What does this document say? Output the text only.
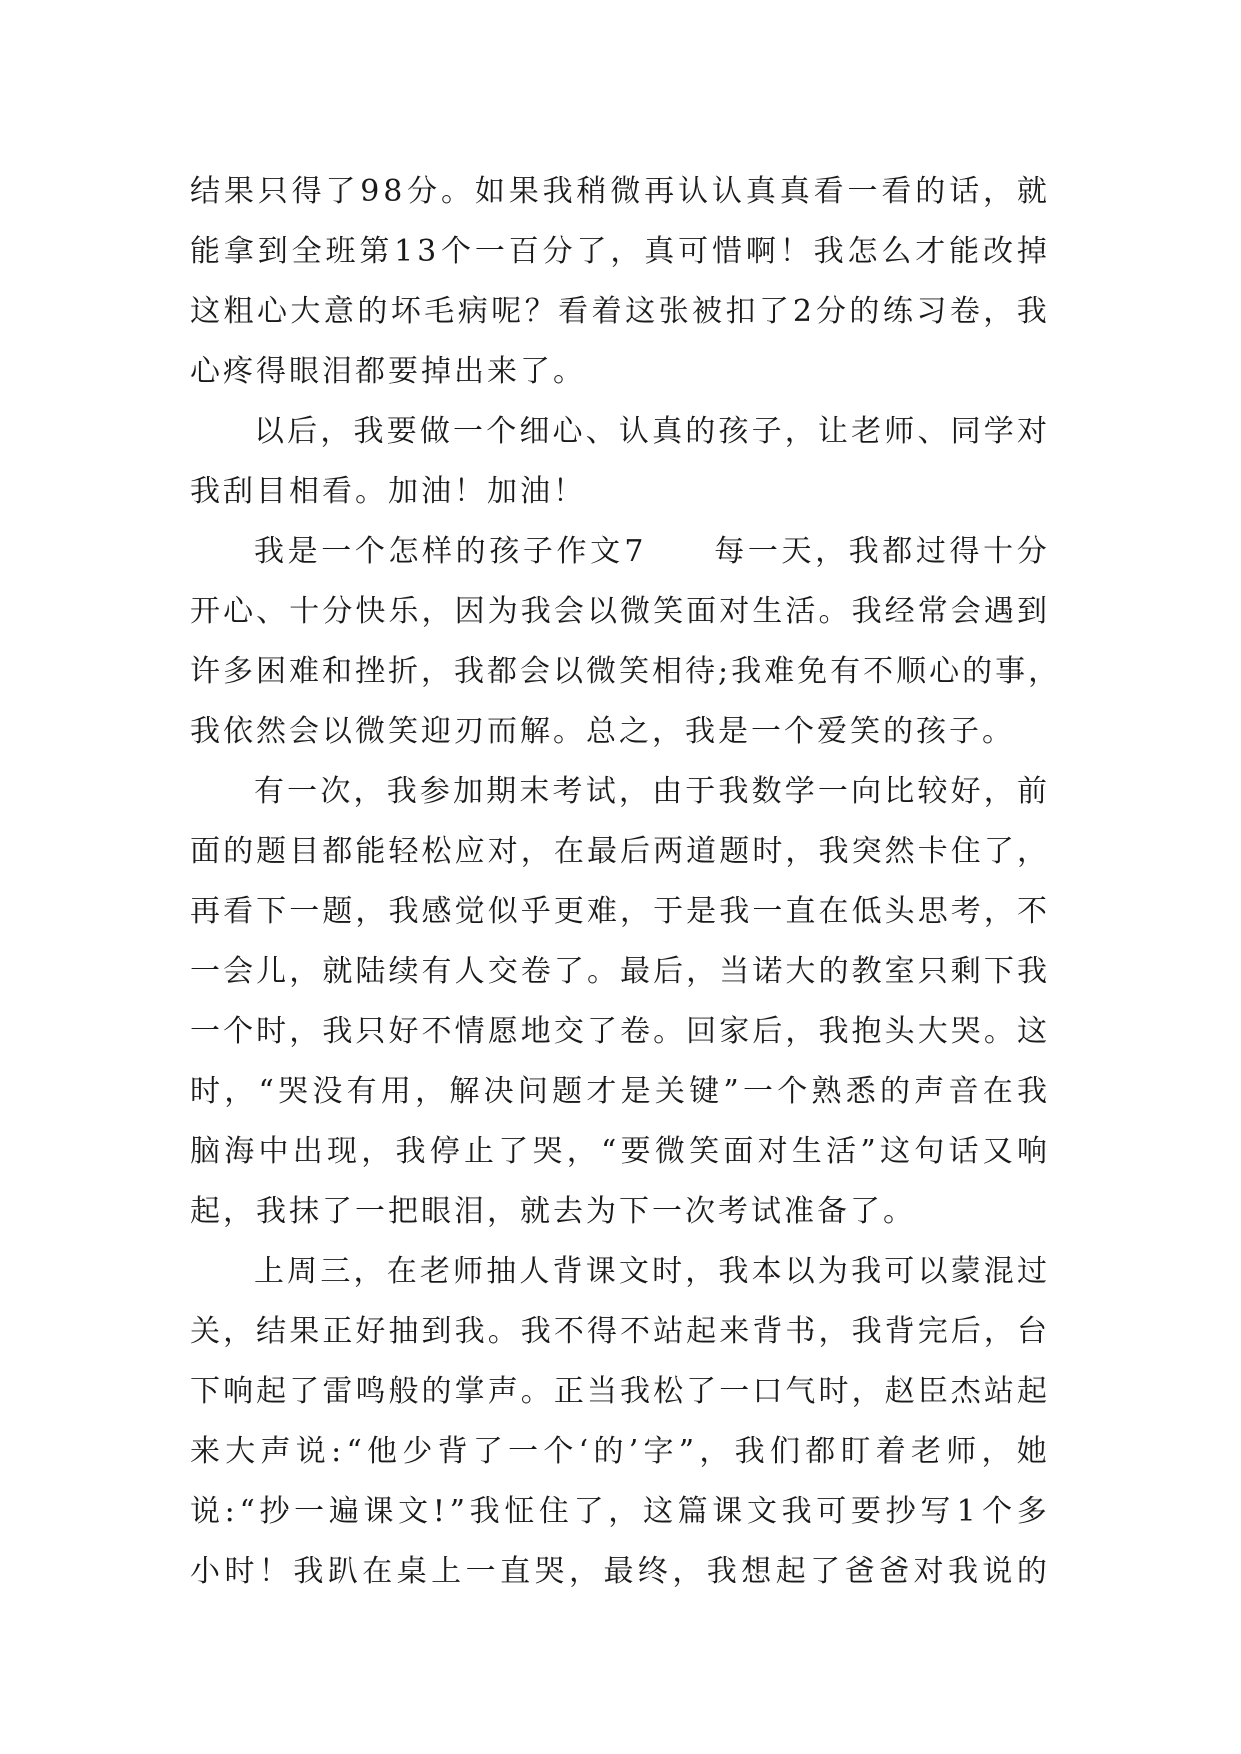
结 果 只 得 了 9 8 分 。 如 果 我 稍 微 再 认 认 真 真 看 一 看 的 话 ， 就
能 拿 到 全 班 第 1 3 个 一 百 分 了 ， 真 可 惜 啊 ！ 我 怎 么 才 能 改 掉
这 粗 心 大 意 的 坏 毛 病 呢 ？ 看 着 这 张 被 扣 了 2 分 的 练 习 卷 ， 我
心疼得眼泪都要掉出来了。
以 后 ， 我 要 做 一 个 细 心 、 认 真 的 孩 子 ， 让 老 师 、 同 学 对
我刮目相看。加油！加油！
我 是 一 个 怎 样 的 孩 子 作 文 7

　 每 一 天 ， 我 都 过 得 十 分
开 心 、 十 分 快 乐 ， 因 为 我 会 以 微 笑 面 对 生 活 。 我 经 常 会 遇 到
许 多 困 难 和 挫 折 ， 我 都 会 以 微 笑 相 待 ; 我 难 免 有 不 顺 心 的 事 ，
我依然会以微笑迎刃而解。总之，我是一个爱笑的孩子。
有 一 次 ， 我 参 加 期 末 考 试 ， 由 于 我 数 学 一 向 比 较 好 ， 前
面 的 题 目 都 能 轻 松 应 对 ， 在 最 后 两 道 题 时 ， 我 突 然 卡 住 了 ，
再 看 下 一 题 ， 我 感 觉 似 乎 更 难 ， 于 是 我 一 直 在 低 头 思 考 ， 不
一 会 儿 ， 就 陆 续 有 人 交 卷 了 。 最 后 ， 当 诺 大 的 教 室 只 剩 下 我
一 个 时 ， 我 只 好 不 情 愿 地 交 了 卷 。 回 家 后 ， 我 抱 头 大 哭 。 这
时 ， “ 哭 没 有 用 ， 解 决 问 题 才 是 关 键 ” 一 个 熟 悉 的 声 音 在 我
脑 海 中 出 现 ， 我 停 止 了 哭 ， “ 要 微 笑 面 对 生 活 ” 这 句 话 又 响
起，我抹了一把眼泪，就去为下一次考试准备了。
上 周 三 ， 在 老 师 抽 人 背 课 文 时 ， 我 本 以 为 我 可 以 蒙 混 过
关 ， 结 果 正 好 抽 到 我 。 我 不 得 不 站 起 来 背 书 ， 我 背 完 后 ， 台
下 响 起 了 雷 鸣 般 的 掌 声 。 正 当 我 松 了 一 口 气 时 ， 赵 臣 杰 站 起
来 大 声 说 : “ 他 少 背 了 一 个 ‘ 的 ’ 字 ” ， 我 们 都 盯 着 老 师 ， 她
说 : “ 抄 一 遍 课 文 ! ” 我 怔 住 了 ， 这 篇 课 文 我 可 要 抄 写 1 个 多
小 时 ！ 我 趴 在 桌 上 一 直 哭 ， 最 终 ， 我 想 起 了 爸 爸 对 我 说 的
